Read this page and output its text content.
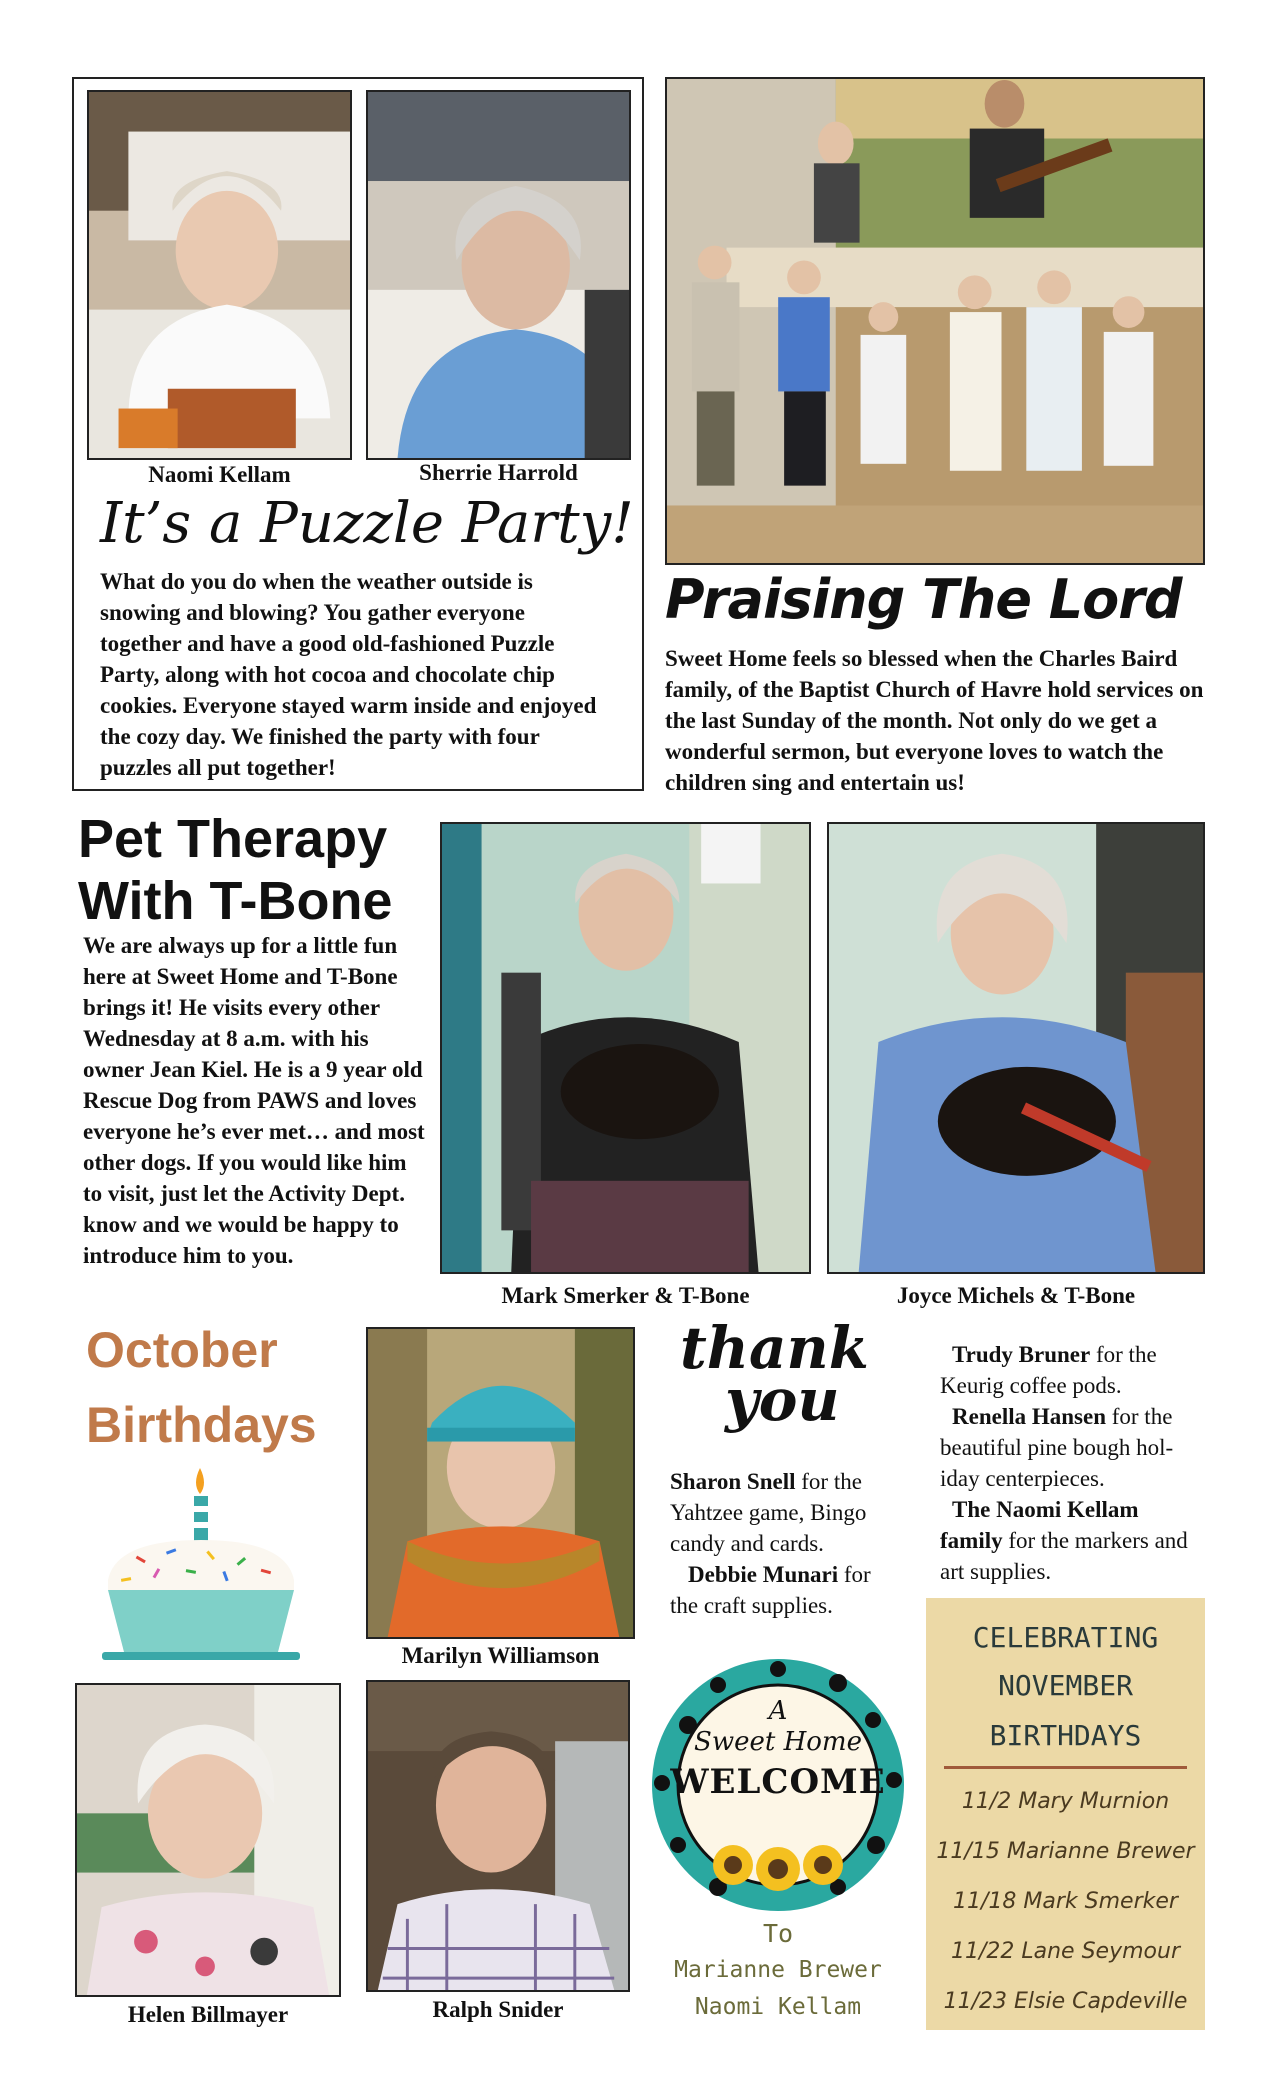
Naomi Kellam	Sherrie Harrold
It’s a Puzzle Party!
What do you do when the weather outside is snowing and blowing? You gather everyone together and have a good old-fashioned Puzzle Party, along with hot cocoa and chocolate chip cookies. Everyone stayed warm inside and enjoyed the cozy day. We finished the party with four puzzles all put together!
Praising The Lord
Sweet Home feels so blessed when the Charles Baird family, of the Baptist Church of Havre hold services on the last Sunday of the month. Not only do we get a wonderful sermon, but everyone loves to watch the children sing and entertain us!
Pet Therapy
With T-Bone
We are always up for a little fun here at Sweet Home and T-Bone brings it! He visits every other Wednesday at 8 a.m. with his owner Jean Kiel. He is a 9 year old Rescue Dog from PAWS and loves everyone he’s ever met… and most other dogs. If you would like him to visit, just let the Activity Dept. know and we would be happy to introduce him to you.
Mark Smerker & T-Bone	Joyce Michels & T-Bone
October
Birthdays
Marilyn Williamson
Helen Billmayer	Ralph Snider
thank
you
Sharon Snell for the Yahtzee game, Bingo candy and cards.
Debbie Munari for the craft supplies.
Trudy Bruner for the Keurig coffee pods.
Renella Hansen for the beautiful pine bough hol-iday centerpieces.
The Naomi Kellam family for the markers and art supplies.
A
Sweet Home
WELCOME
To
Marianne Brewer
Naomi Kellam
CELEBRATING
NOVEMBER
BIRTHDAYS
11/2 Mary Murnion
11/15 Marianne Brewer
11/18 Mark Smerker
11/22 Lane Seymour
11/23 Elsie Capdeville
